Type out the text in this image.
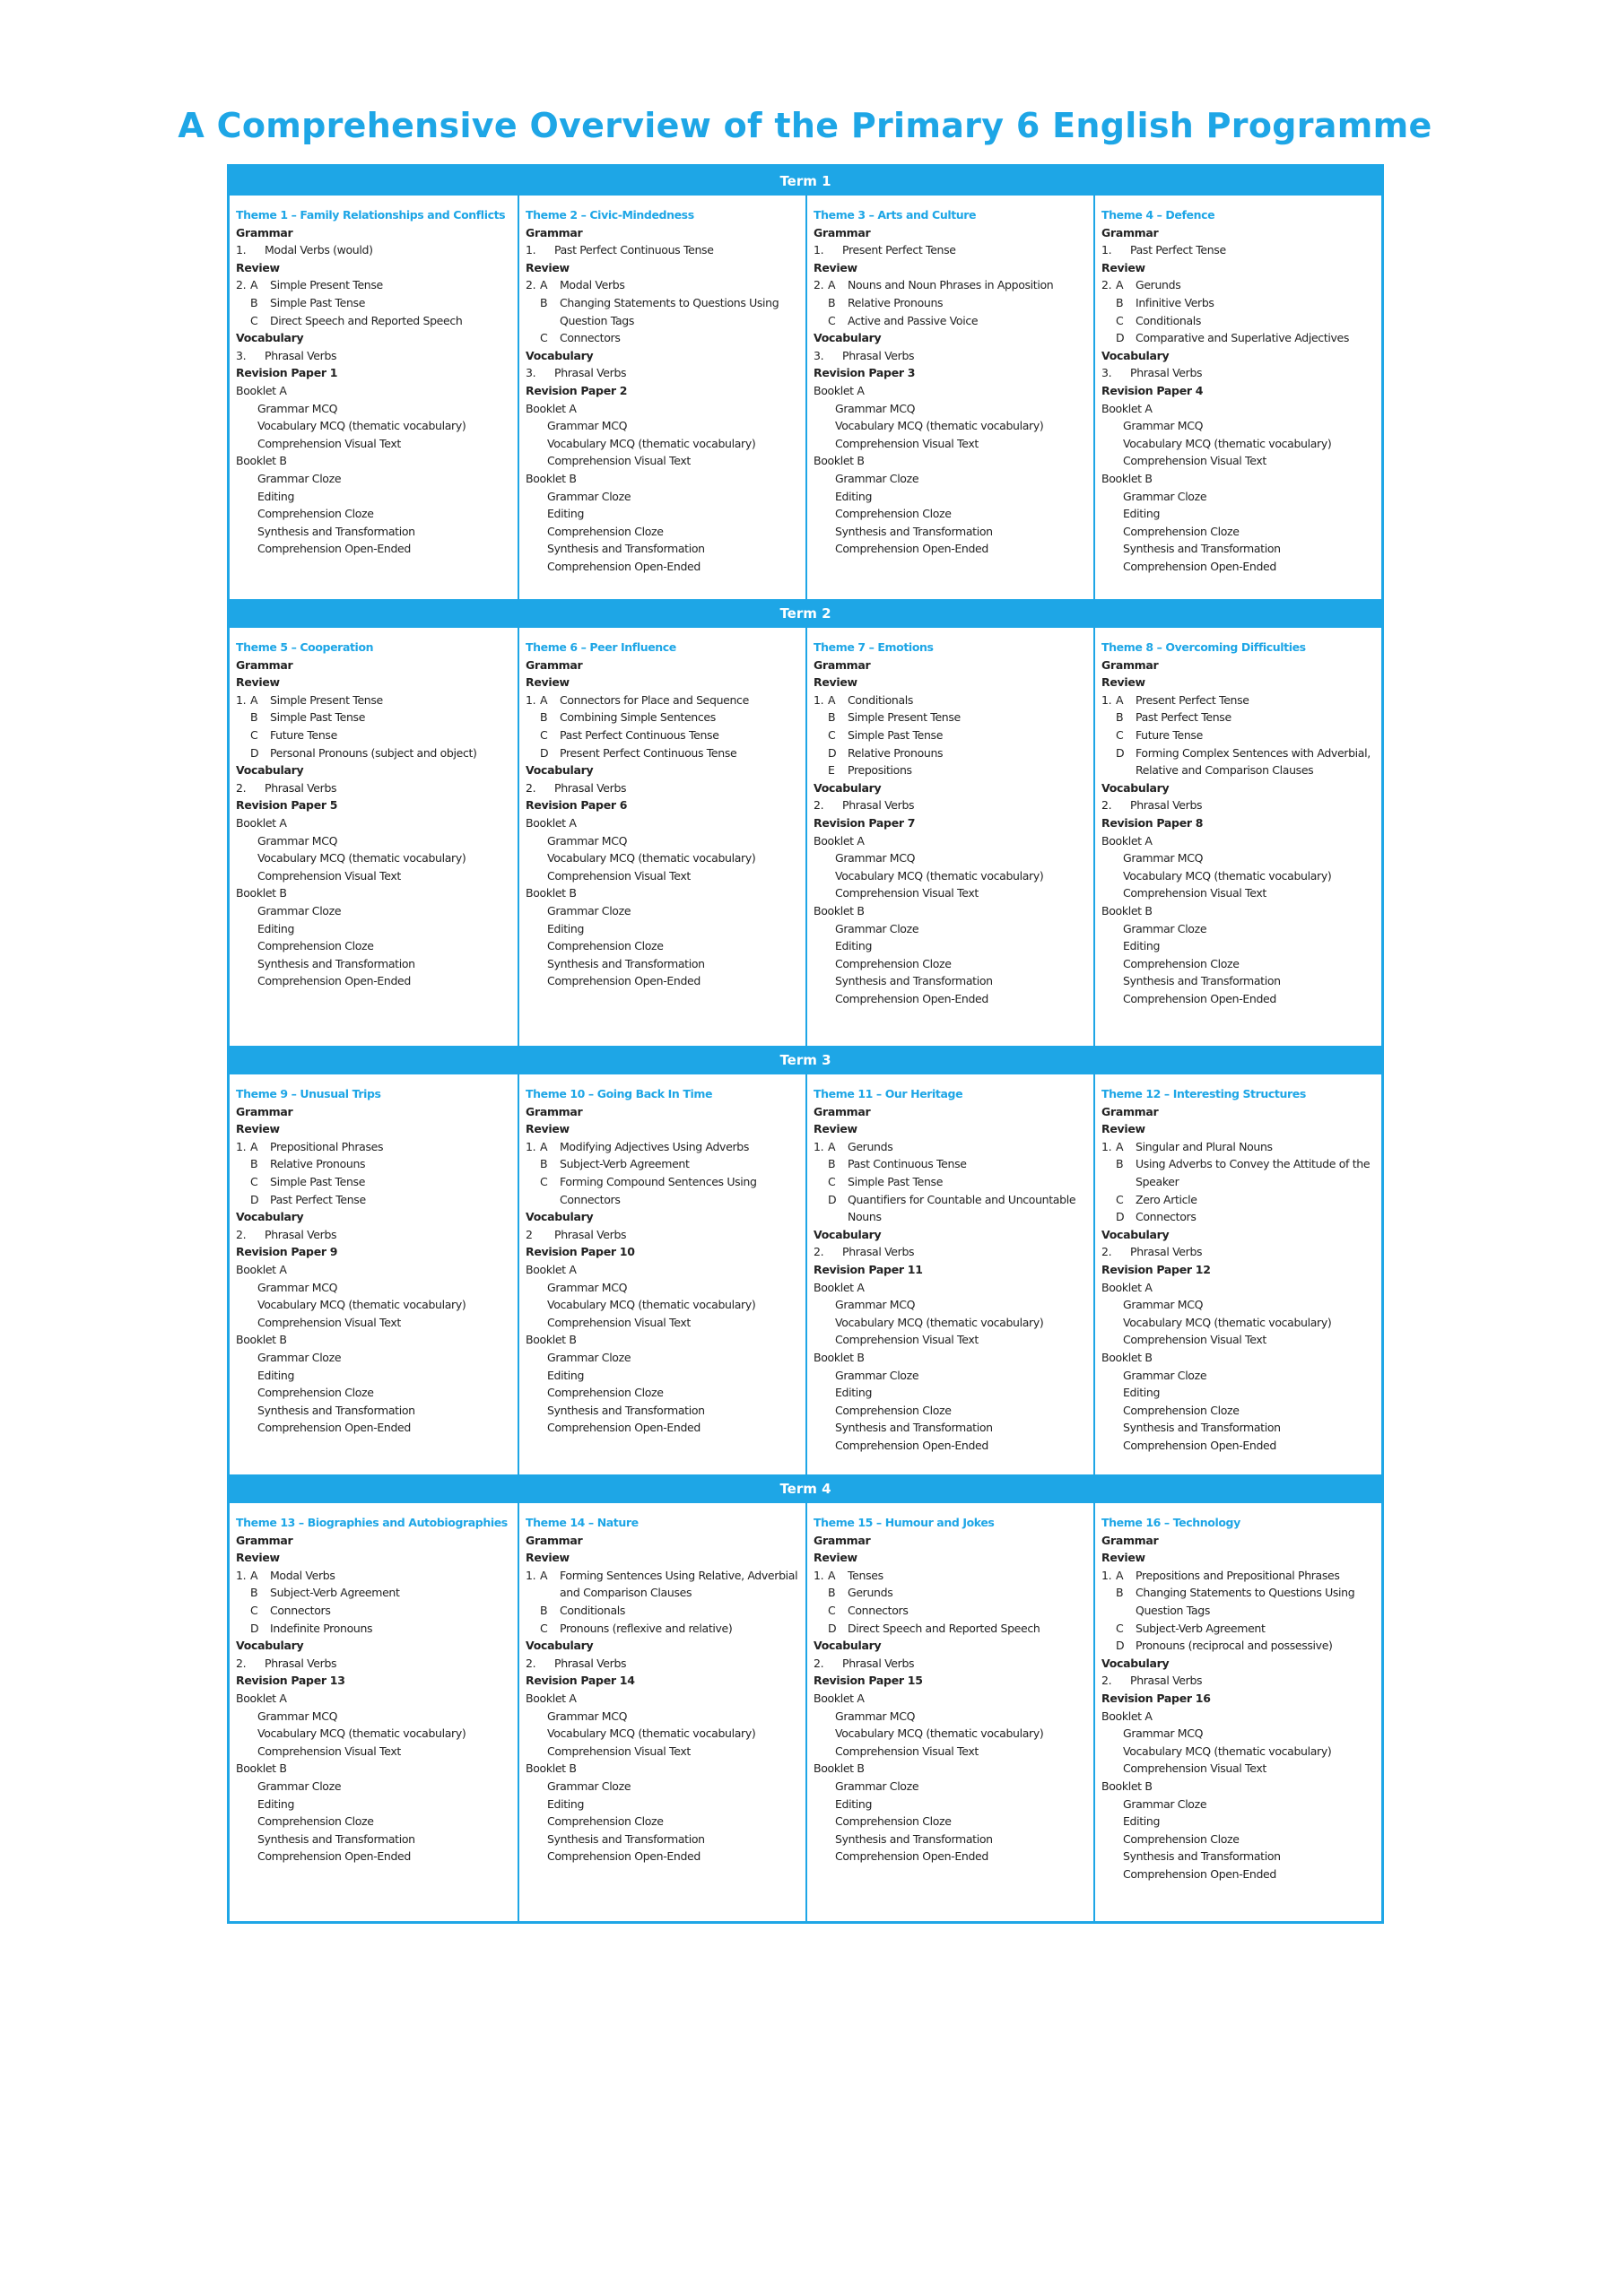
A Comprehensive Overview of the Primary 6 English Programme
Term 1
Theme 1 – Family Relationships and Conflicts
Grammar
1.	Modal Verbs (would)
Review
2. A	Simple Present Tense
B	Simple Past Tense
C	Direct Speech and Reported Speech
Vocabulary
3.	Phrasal Verbs
Revision Paper 1
Booklet A
Grammar MCQ
Vocabulary MCQ (thematic vocabulary)
Comprehension Visual Text
Booklet B
Grammar Cloze
Editing
Comprehension Cloze
Synthesis and Transformation
Comprehension Open-Ended
Theme 2 – Civic-Mindedness
Grammar
1.	Past Perfect Continuous Tense
Review
2. A	Modal Verbs
B	Changing Statements to Questions Using Question Tags
C	Connectors
Vocabulary
3.	Phrasal Verbs
Revision Paper 2
Booklet A
Grammar MCQ
Vocabulary MCQ (thematic vocabulary)
Comprehension Visual Text
Booklet B
Grammar Cloze
Editing
Comprehension Cloze
Synthesis and Transformation
Comprehension Open-Ended
Theme 3 – Arts and Culture
Grammar
1.	Present Perfect Tense
Review
2. A	Nouns and Noun Phrases in Apposition
B	Relative Pronouns
C	Active and Passive Voice
Vocabulary
3.	Phrasal Verbs
Revision Paper 3
Booklet A
Grammar MCQ
Vocabulary MCQ (thematic vocabulary)
Comprehension Visual Text
Booklet B
Grammar Cloze
Editing
Comprehension Cloze
Synthesis and Transformation
Comprehension Open-Ended
Theme 4 – Defence
Grammar
1.	Past Perfect Tense
Review
2. A	Gerunds
B	Infinitive Verbs
C	Conditionals
D	Comparative and Superlative Adjectives
Vocabulary
3.	Phrasal Verbs
Revision Paper 4
Booklet A
Grammar MCQ
Vocabulary MCQ (thematic vocabulary)
Comprehension Visual Text
Booklet B
Grammar Cloze
Editing
Comprehension Cloze
Synthesis and Transformation
Comprehension Open-Ended
Term 2
Theme 5 – Cooperation
Grammar
Review
1. A	Simple Present Tense
B	Simple Past Tense
C	Future Tense
D	Personal Pronouns (subject and object)
Vocabulary
2.	Phrasal Verbs
Revision Paper 5
Booklet A
Grammar MCQ
Vocabulary MCQ (thematic vocabulary)
Comprehension Visual Text
Booklet B
Grammar Cloze
Editing
Comprehension Cloze
Synthesis and Transformation
Comprehension Open-Ended
Theme 6 – Peer Influence
Grammar
Review
1. A	Connectors for Place and Sequence
B	Combining Simple Sentences
C	Past Perfect Continuous Tense
D	Present Perfect Continuous Tense
Vocabulary
2.	Phrasal Verbs
Revision Paper 6
Booklet A
Grammar MCQ
Vocabulary MCQ (thematic vocabulary)
Comprehension Visual Text
Booklet B
Grammar Cloze
Editing
Comprehension Cloze
Synthesis and Transformation
Comprehension Open-Ended
Theme 7 – Emotions
Grammar
Review
1. A	Conditionals
B	Simple Present Tense
C	Simple Past Tense
D	Relative Pronouns
E	Prepositions
Vocabulary
2.	Phrasal Verbs
Revision Paper 7
Booklet A
Grammar MCQ
Vocabulary MCQ (thematic vocabulary)
Comprehension Visual Text
Booklet B
Grammar Cloze
Editing
Comprehension Cloze
Synthesis and Transformation
Comprehension Open-Ended
Theme 8 – Overcoming Difficulties
Grammar
Review
1. A	Present Perfect Tense
B	Past Perfect Tense
C	Future Tense
D	Forming Complex Sentences with Adverbial, Relative and Comparison Clauses
Vocabulary
2.	Phrasal Verbs
Revision Paper 8
Booklet A
Grammar MCQ
Vocabulary MCQ (thematic vocabulary)
Comprehension Visual Text
Booklet B
Grammar Cloze
Editing
Comprehension Cloze
Synthesis and Transformation
Comprehension Open-Ended
Term 3
Theme 9 – Unusual Trips
Grammar
Review
1. A	Prepositional Phrases
B	Relative Pronouns
C	Simple Past Tense
D	Past Perfect Tense
Vocabulary
2.	Phrasal Verbs
Revision Paper 9
Booklet A
Grammar MCQ
Vocabulary MCQ (thematic vocabulary)
Comprehension Visual Text
Booklet B
Grammar Cloze
Editing
Comprehension Cloze
Synthesis and Transformation
Comprehension Open-Ended
Theme 10 – Going Back In Time
Grammar
Review
1. A	Modifying Adjectives Using Adverbs
B	Subject-Verb Agreement
C	Forming Compound Sentences Using Connectors
Vocabulary
2	Phrasal Verbs
Revision Paper 10
Booklet A
Grammar MCQ
Vocabulary MCQ (thematic vocabulary)
Comprehension Visual Text
Booklet B
Grammar Cloze
Editing
Comprehension Cloze
Synthesis and Transformation
Comprehension Open-Ended
Theme 11 – Our Heritage
Grammar
Review
1. A	Gerunds
B	Past Continuous Tense
C	Simple Past Tense
D	Quantifiers for Countable and Uncountable Nouns
Vocabulary
2.	Phrasal Verbs
Revision Paper 11
Booklet A
Grammar MCQ
Vocabulary MCQ (thematic vocabulary)
Comprehension Visual Text
Booklet B
Grammar Cloze
Editing
Comprehension Cloze
Synthesis and Transformation
Comprehension Open-Ended
Theme 12 – Interesting Structures
Grammar
Review
1. A	Singular and Plural Nouns
B	Using Adverbs to Convey the Attitude of the Speaker
C	Zero Article
D	Connectors
Vocabulary
2.	Phrasal Verbs
Revision Paper 12
Booklet A
Grammar MCQ
Vocabulary MCQ (thematic vocabulary)
Comprehension Visual Text
Booklet B
Grammar Cloze
Editing
Comprehension Cloze
Synthesis and Transformation
Comprehension Open-Ended
Term 4
Theme 13 – Biographies and Autobiographies
Grammar
Review
1. A	Modal Verbs
B	Subject-Verb Agreement
C	Connectors
D	Indefinite Pronouns
Vocabulary
2.	Phrasal Verbs
Revision Paper 13
Booklet A
Grammar MCQ
Vocabulary MCQ (thematic vocabulary)
Comprehension Visual Text
Booklet B
Grammar Cloze
Editing
Comprehension Cloze
Synthesis and Transformation
Comprehension Open-Ended
Theme 14 – Nature
Grammar
Review
1. A	Forming Sentences Using Relative, Adverbial and Comparison Clauses
B	Conditionals
C	Pronouns (reflexive and relative)
Vocabulary
2.	Phrasal Verbs
Revision Paper 14
Booklet A
Grammar MCQ
Vocabulary MCQ (thematic vocabulary)
Comprehension Visual Text
Booklet B
Grammar Cloze
Editing
Comprehension Cloze
Synthesis and Transformation
Comprehension Open-Ended
Theme 15 – Humour and Jokes
Grammar
Review
1. A	Tenses
B	Gerunds
C	Connectors
D	Direct Speech and Reported Speech
Vocabulary
2.	Phrasal Verbs
Revision Paper 15
Booklet A
Grammar MCQ
Vocabulary MCQ (thematic vocabulary)
Comprehension Visual Text
Booklet B
Grammar Cloze
Editing
Comprehension Cloze
Synthesis and Transformation
Comprehension Open-Ended
Theme 16 – Technology
Grammar
Review
1. A	Prepositions and Prepositional Phrases
B	Changing Statements to Questions Using Question Tags
C	Subject-Verb Agreement
D	Pronouns (reciprocal and possessive)
Vocabulary
2.	Phrasal Verbs
Revision Paper 16
Booklet A
Grammar MCQ
Vocabulary MCQ (thematic vocabulary)
Comprehension Visual Text
Booklet B
Grammar Cloze
Editing
Comprehension Cloze
Synthesis and Transformation
Comprehension Open-Ended
